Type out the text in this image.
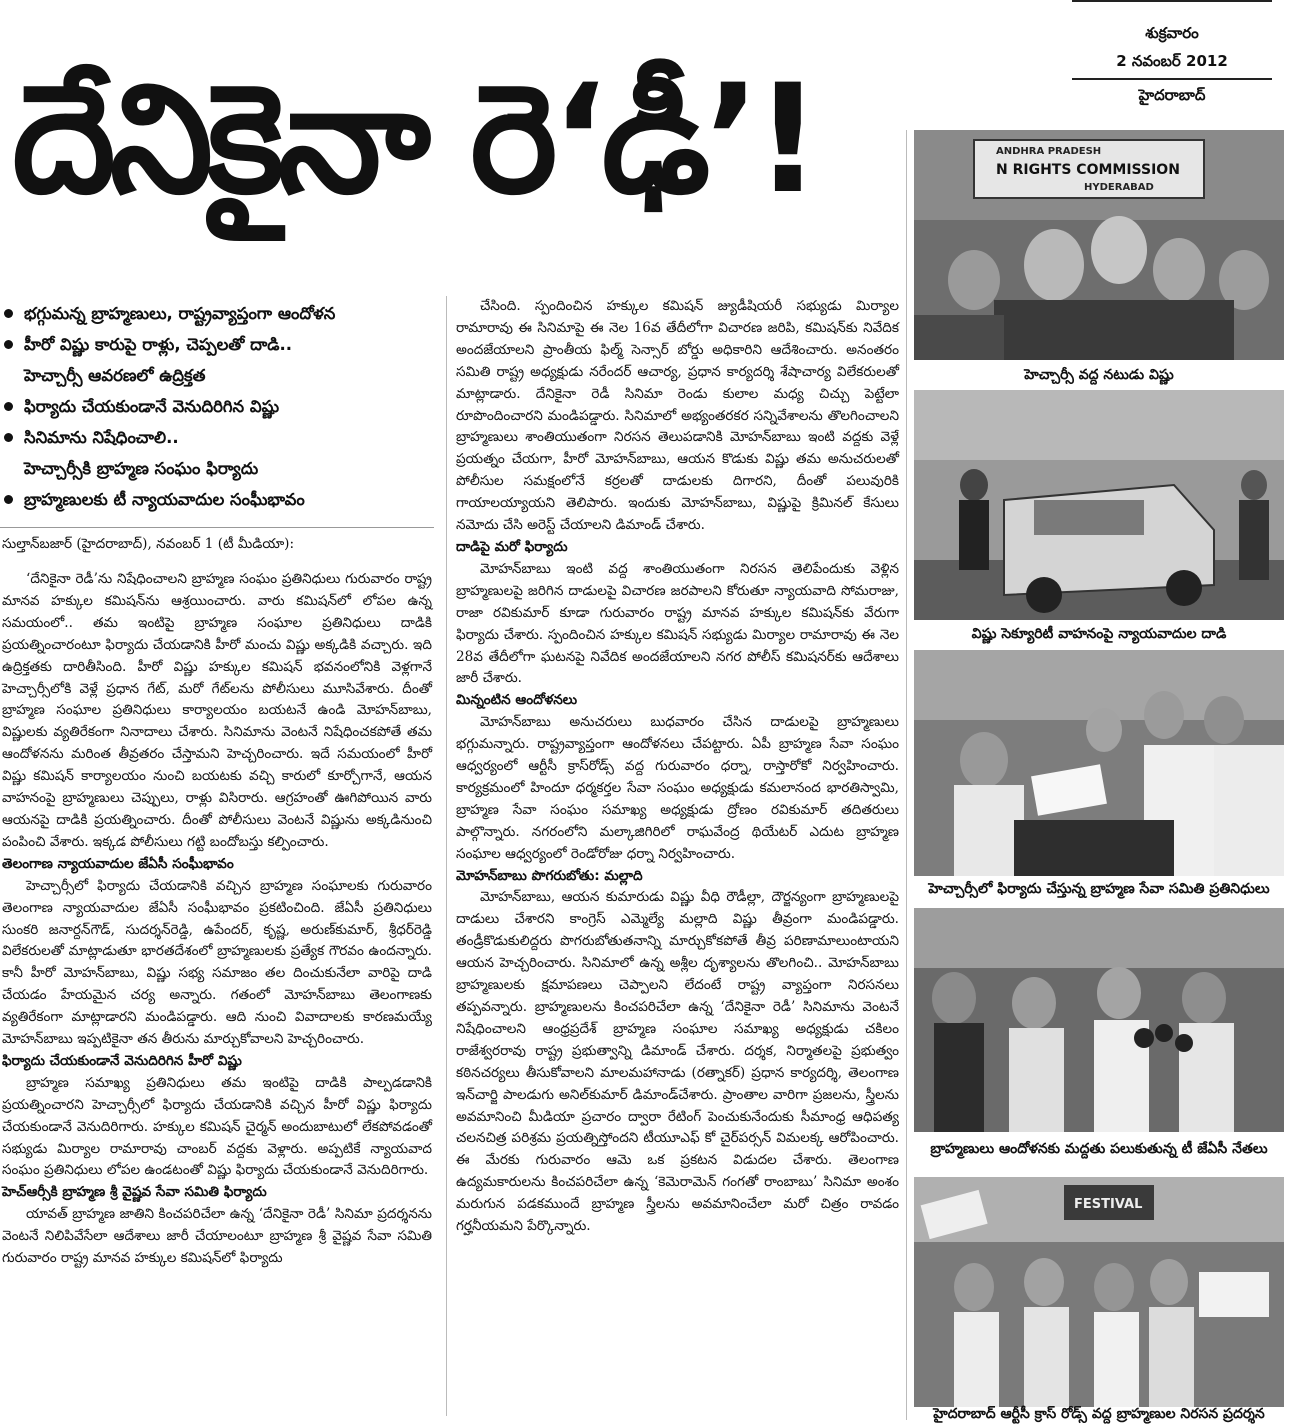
శుక్రవారం
2 నవంబర్ 2012
హైదరాబాద్
దేనికైనా రె‘ఢీ’!
భగ్గుమన్న బ్రాహ్మణులు, రాష్ట్రవ్యాప్తంగా ఆందోళన
హీరో విష్ణు కారుపై రాళ్లు, చెప్పలతో దాడి..
హెచ్చార్సీ ఆవరణలో ఉద్రిక్తత
ఫిర్యాదు చేయకుండానే వెనుదిరిగిన విష్ణు
సినిమాను నిషేధించాలి..
హెచ్చార్సీకి బ్రాహ్మణ సంఘం ఫిర్యాదు
బ్రాహ్మణులకు టీ న్యాయవాదుల సంఘీభావం
సుల్తాన్‌బజార్ (హైదరాబాద్), నవంబర్ 1 (టీ మీడియా):

‘దేనికైనా రెడీ’ను నిషేధించాలని బ్రాహ్మణ సంఘం ప్రతినిధులు గురువారం రాష్ట్ర మానవ హక్కుల కమిషన్‌ను ఆశ్రయించారు. వారు కమిషన్‌లో లోపల ఉన్న సమయంలో.. తమ ఇంటిపై బ్రాహ్మణ సంఘాల ప్రతినిధులు దాడికి ప్రయత్నించారంటూ ఫిర్యాదు చేయడానికి హీరో మంచు విష్ణు అక్కడికి వచ్చారు. ఇది ఉద్రిక్తతకు దారితీసింది. హీరో విష్ణు హక్కుల కమిషన్ భవనంలోనికి వెళ్లగానే హెచ్చార్సీలోకి వెళ్లే ప్రధాన గేట్, మరో గేట్‌లను పోలీసులు మూసివేశారు. దీంతో బ్రాహ్మణ సంఘాల ప్రతినిధులు కార్యాలయం బయటనే ఉండి మోహన్‌బాబు, విష్ణులకు వ్యతిరేకంగా నినాదాలు చేశారు. సినిమాను వెంటనే నిషేధించకపోతే తమ ఆందోళనను మరింత తీవ్రతరం చేస్తామని హెచ్చరించారు. ఇదే సమయంలో హీరో విష్ణు కమిషన్ కార్యాలయం నుంచి బయటకు వచ్చి కారులో కూర్చోగానే, ఆయన వాహనంపై బ్రాహ్మణులు చెప్పులు, రాళ్లు విసిరారు. ఆగ్రహంతో ఊగిపోయిన వారు ఆయనపై దాడికి ప్రయత్నించారు. దీంతో పోలీసులు వెంటనే విష్ణును అక్కడినుంచి పంపించి వేశారు. ఇక్కడ పోలీసులు గట్టి బందోబస్తు కల్పించారు.

తెలంగాణ న్యాయవాదుల జేఏసీ సంఘీభావం

హెచ్చార్సీలో ఫిర్యాదు చేయడానికి వచ్చిన బ్రాహ్మణ సంఘాలకు గురువారం తెలంగాణ న్యాయవాదుల జేఏసీ సంఘీభావం ప్రకటించింది. జేఏసీ ప్రతినిధులు సుంకరి జనార్దన్‌గౌడ్, సుదర్శన్‌రెడ్డి, ఉపేందర్, కృష్ణ, అరుణ్‌కుమార్, శ్రీధర్‌రెడ్డి విలేకరులతో మాట్లాడుతూ భారతదేశంలో బ్రాహ్మణులకు ప్రత్యేక గౌరవం ఉందన్నారు. కానీ హీరో మోహన్‌బాబు, విష్ణు సభ్య సమాజం తల దించుకునేలా వారిపై దాడి చేయడం హేయమైన చర్య అన్నారు. గతంలో మోహన్‌బాబు తెలంగాణకు వ్యతిరేకంగా మాట్లాడారని మండిపడ్డారు. ఆది నుంచి వివాదాలకు కారణమయ్యే మోహన్‌బాబు ఇప్పటికైనా తన తీరును మార్చుకోవాలని హెచ్చరించారు.

ఫిర్యాదు చేయకుండానే వెనుదిరిగిన హీరో విష్ణు

బ్రాహ్మణ సమాఖ్య ప్రతినిధులు తమ ఇంటిపై దాడికి పాల్పడడానికి ప్రయత్నించారని హెచ్చార్సీలో ఫిర్యాదు చేయడానికి వచ్చిన హీరో విష్ణు ఫిర్యాదు చేయకుండానే వెనుదిరిగారు. హక్కుల కమిషన్ చైర్మన్ అందుబాటులో లేకపోవడంతో సభ్యుడు మిర్యాల రామారావు చాంబర్ వద్దకు వెళ్లారు. అప్పటికే న్యాయవాద సంఘం ప్రతినిధులు లోపల ఉండటంతో విష్ణు ఫిర్యాదు చేయకుండానే వెనుదిరిగారు.

హెచ్ఆర్సీకి బ్రాహ్మణ శ్రీ వైష్ణవ సేవా సమితి ఫిర్యాదు

యావత్ బ్రాహ్మణ జాతిని కించపరిచేలా ఉన్న ‘దేనికైనా రెడీ’ సినిమా ప్రదర్శనను వెంటనే నిలిపివేసేలా ఆదేశాలు జారీ చేయాలంటూ బ్రాహ్మణ శ్రీ వైష్ణవ సేవా సమితి గురువారం రాష్ట్ర మానవ హక్కుల కమిషన్‌లో ఫిర్యాదు

చేసింది. స్పందించిన హక్కుల కమిషన్ జ్యుడీషియరీ సభ్యుడు మిర్యాల రామారావు ఈ సినిమాపై ఈ నెల 16వ తేదీలోగా విచారణ జరిపి, కమిషన్‌కు నివేదిక అందజేయాలని ప్రాంతీయ ఫిల్మ్ సెన్సార్ బోర్డు అధికారిని ఆదేశించారు. అనంతరం సమితి రాష్ట్ర అధ్యక్షుడు నరేందర్ ఆచార్య, ప్రధాన కార్యదర్శి శేషాచార్య విలేకరులతో మాట్లాడారు. దేనికైనా రెడీ సినిమా రెండు కులాల మధ్య చిచ్చు పెట్టేలా రూపొందించారని మండిపడ్డారు. సినిమాలో అభ్యంతరకర సన్నివేశాలను తొలగించాలని బ్రాహ్మణులు శాంతియుతంగా నిరసన తెలుపడానికి మోహన్‌బాబు ఇంటి వద్దకు వెళ్లే ప్రయత్నం చేయగా, హీరో మోహన్‌బాబు, ఆయన కొడుకు విష్ణు తమ అనుచరులతో పోలీసుల సమక్షంలోనే కర్రలతో దాడులకు దిగారని, దీంతో పలువురికి గాయాలయ్యాయని తెలిపారు. ఇందుకు మోహన్‌బాబు, విష్ణుపై క్రిమినల్ కేసులు నమోదు చేసి అరెస్ట్ చేయాలని డిమాండ్ చేశారు.

దాడిపై మరో ఫిర్యాదు

మోహన్‌బాబు ఇంటి వద్ద శాంతియుతంగా నిరసన తెలిపేందుకు వెళ్లిన బ్రాహ్మణులపై జరిగిన దాడులపై విచారణ జరపాలని కోరుతూ న్యాయవాది సోమరాజు, రాజా రవికుమార్ కూడా గురువారం రాష్ట్ర మానవ హక్కుల కమిషన్‌కు వేరుగా ఫిర్యాదు చేశారు. స్పందించిన హక్కుల కమిషన్ సభ్యుడు మిర్యాల రామారావు ఈ నెల 28వ తేదీలోగా ఘటనపై నివేదిక అందజేయాలని నగర పోలీస్ కమిషనర్‌కు ఆదేశాలు జారీ చేశారు.

మిన్నంటిన ఆందోళనలు

మోహన్‌బాబు అనుచరులు బుధవారం చేసిన దాడులపై బ్రాహ్మణులు భగ్గుమన్నారు. రాష్ట్రవ్యాప్తంగా ఆందోళనలు చేపట్టారు. ఏపీ బ్రాహ్మణ సేవా సంఘం ఆధ్వర్యంలో ఆర్టీసీ క్రాస్‌రోడ్స్ వద్ద గురువారం ధర్నా, రాస్తారోకో నిర్వహించారు. కార్యక్రమంలో హిందూ ధర్మకర్తల సేవా సంఘం అధ్యక్షుడు కమలానంద భారతిస్వామి, బ్రాహ్మణ సేవా సంఘం సమాఖ్య అధ్యక్షుడు ద్రోణం రవికుమార్ తదితరులు పాల్గొన్నారు. నగరంలోని మల్కాజిగిరిలో రాఘవేంద్ర థియేటర్ ఎదుట బ్రాహ్మణ సంఘాల ఆధ్వర్యంలో రెండోరోజు ధర్నా నిర్వహించారు.

మోహన్‌బాబు పొగరుబోతు: మల్లాది

మోహన్‌బాబు, ఆయన కుమారుడు విష్ణు వీధి రౌడీల్లా, దౌర్జన్యంగా బ్రాహ్మణులపై దాడులు చేశారని కాంగ్రెస్ ఎమ్మెల్యే మల్లాది విష్ణు తీవ్రంగా మండిపడ్డారు. తండ్రీకొడుకులిద్దరు పొగరుబోతుతనాన్ని మార్చుకోకపోతే తీవ్ర పరిణామాలుంటాయని ఆయన హెచ్చరించారు. సినిమాలో ఉన్న అశ్లీల దృశ్యాలను తొలగించి.. మోహన్‌బాబు బ్రాహ్మణులకు క్షమాపణలు చెప్పాలని లేదంటే రాష్ట్ర వ్యాప్తంగా నిరసనలు తప్పవన్నారు. బ్రాహ్మణులను కించపరిచేలా ఉన్న ‘దేనికైనా రెడీ’ సినిమాను వెంటనే నిషేధించాలని ఆంధ్రప్రదేశ్ బ్రాహ్మణ సంఘాల సమాఖ్య అధ్యక్షుడు చకిలం రాజేశ్వరరావు రాష్ట్ర ప్రభుత్వాన్ని డిమాండ్ చేశారు. దర్శక, నిర్మాతలపై ప్రభుత్వం కఠినచర్యలు తీసుకోవాలని మాలమహానాడు (రత్నాకర్) ప్రధాన కార్యదర్శి, తెలంగాణ ఇన్‌చార్జి పాలడుగు అనిల్‌కుమార్ డిమాండ్‌చేశారు. ప్రాంతాల వారిగా ప్రజలను, స్త్రీలను అవమానించి మీడియా ప్రచారం ద్వారా రేటింగ్ పెంచుకునేందుకు సీమాంధ్ర ఆధిపత్య చలనచిత్ర పరిశ్రమ ప్రయత్నిస్తోందని టీయూఎఫ్ కో చైర్‌పర్సన్ విమలక్క ఆరోపించారు. ఈ మేరకు గురువారం ఆమె ఒక ప్రకటన విడుదల చేశారు. తెలంగాణ ఉద్యమకారులను కించపరిచేలా ఉన్న ‘కెమెరామెన్ గంగతో రాంబాబు’ సినిమా అంశం మరుగున పడకముందే బ్రాహ్మణ స్త్రీలను అవమానించేలా మరో చిత్రం రావడం గర్హనీయమని పేర్కొన్నారు.

ANDHRA PRADESH
N RIGHTS COMMISSION
HYDERABAD
హెచ్చార్సీ వద్ద నటుడు విష్ణు
విష్ణు సెక్యూరిటీ వాహనంపై న్యాయవాదుల దాడి
హెచ్చార్సీలో ఫిర్యాదు చేస్తున్న బ్రాహ్మణ సేవా సమితి ప్రతినిధులు
బ్రాహ్మణులు ఆందోళనకు మద్దతు పలుకుతున్న టీ జేఏసీ నేతలు
FESTIVAL
హైదరాబాద్ ఆర్టీసీ క్రాస్ రోడ్స్ వద్ద బ్రాహ్మణుల నిరసన ప్రదర్శన
